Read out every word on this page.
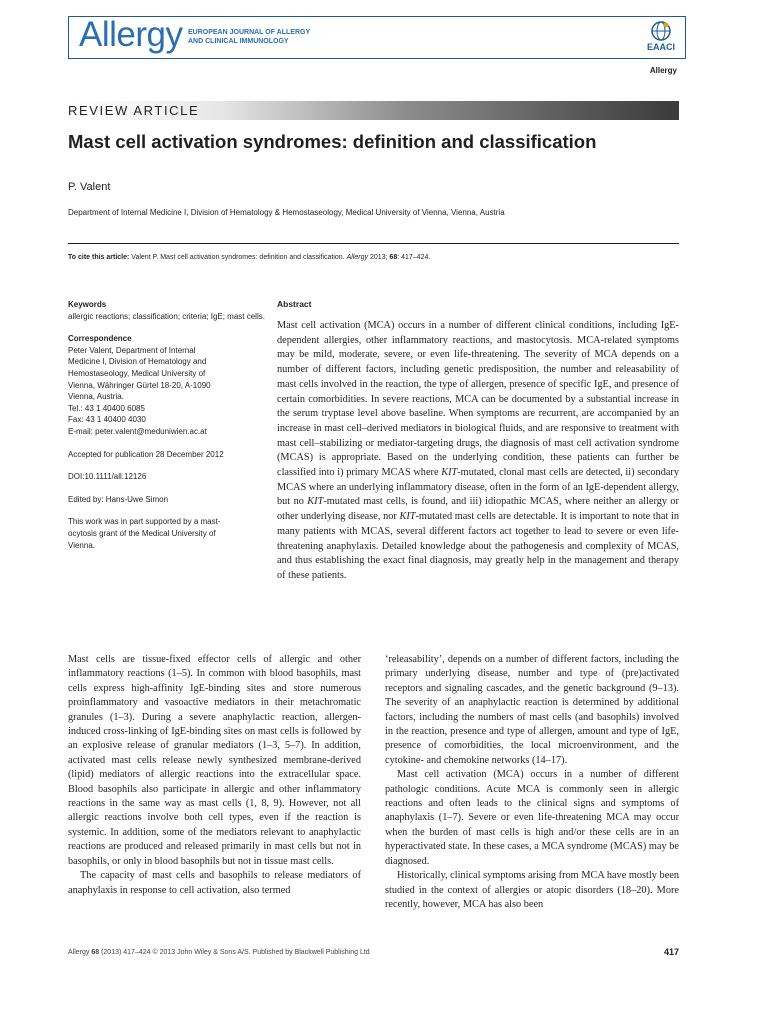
Allergy EUROPEAN JOURNAL OF ALLERGY
AND CLINICAL IMMUNOLOGY
EAACI
Allergy
REVIEW ARTICLE
Mast cell activation syndromes: definition and classification
P. Valent
Department of Internal Medicine I, Division of Hematology & Hemostaseology, Medical University of Vienna, Vienna, Austria
To cite this article: Valent P. Mast cell activation syndromes: definition and classification. Allergy 2013; 68: 417–424.

Keywords

allergic reactions; classification; criteria; IgE; mast cells.

Correspondence

Peter Valent, Department of Internal
Medicine I, Division of Hematology and
Hemostaseology, Medical University of
Vienna, Währinger Gürtel 18-20, A-1090
Vienna, Austria.
Tel.: 43 1 40400 6085
Fax: 43 1 40400 4030
E-mail: peter.valent@meduniwien.ac.at

Accepted for publication 28 December 2012

DOI:10.1111/all.12126

Edited by: Hans-Uwe Simon

This work was in part supported by a mast-
ocytosis grant of the Medical University of
Vienna.

Abstract

Mast cell activation (MCA) occurs in a number of different clinical conditions, including IgE-dependent allergies, other inflammatory reactions, and mastocytosis. MCA-related symptoms may be mild, moderate, severe, or even life-threatening. The severity of MCA depends on a number of different factors, including genetic predisposition, the number and releasability of mast cells involved in the reaction, the type of allergen, presence of specific IgE, and presence of certain comorbidities. In severe reactions, MCA can be documented by a substantial increase in the serum tryptase level above baseline. When symptoms are recurrent, are accompanied by an increase in mast cell–derived mediators in biological fluids, and are responsive to treatment with mast cell–stabilizing or mediator-targeting drugs, the diagnosis of mast cell activation syndrome (MCAS) is appropriate. Based on the underlying condition, these patients can further be classified into i) primary MCAS where KIT-mutated, clonal mast cells are detected, ii) secondary MCAS where an underlying inflammatory disease, often in the form of an IgE-dependent allergy, but no KIT-mutated mast cells, is found, and iii) idiopathic MCAS, where neither an allergy or other underlying disease, nor KIT-mutated mast cells are detectable. It is important to note that in many patients with MCAS, several different factors act together to lead to severe or even life-threatening anaphylaxis. Detailed knowledge about the pathogenesis and complexity of MCAS, and thus establishing the exact final diagnosis, may greatly help in the management and therapy of these patients.

Mast cells are tissue-fixed effector cells of allergic and other inflammatory reactions (1–5). In common with blood basophils, mast cells express high-affinity IgE-binding sites and store numerous proinflammatory and vasoactive mediators in their metachromatic granules (1–3). During a severe anaphylactic reaction, allergen-induced cross-linking of IgE-binding sites on mast cells is followed by an explosive release of granular mediators (1–3, 5–7). In addition, activated mast cells release newly synthesized membrane-derived (lipid) mediators of allergic reactions into the extracellular space. Blood basophils also participate in allergic and other inflammatory reactions in the same way as mast cells (1, 8, 9). However, not all allergic reactions involve both cell types, even if the reaction is systemic. In addition, some of the mediators relevant to anaphylactic reactions are produced and released primarily in mast cells but not in basophils, or only in blood basophils but not in tissue mast cells.

The capacity of mast cells and basophils to release mediators of anaphylaxis in response to cell activation, also termed

‘releasability’, depends on a number of different factors, including the primary underlying disease, number and type of (pre)activated receptors and signaling cascades, and the genetic background (9–13). The severity of an anaphylactic reaction is determined by additional factors, including the numbers of mast cells (and basophils) involved in the reaction, presence and type of allergen, amount and type of IgE, presence of comorbidities, the local microenvironment, and the cytokine- and chemokine networks (14–17).

Mast cell activation (MCA) occurs in a number of different pathologic conditions. Acute MCA is commonly seen in allergic reactions and often leads to the clinical signs and symptoms of anaphylaxis (1–7). Severe or even life-threatening MCA may occur when the burden of mast cells is high and/or these cells are in an hyperactivated state. In these cases, a MCA syndrome (MCAS) may be diagnosed.

Historically, clinical symptoms arising from MCA have mostly been studied in the context of allergies or atopic disorders (18–20). More recently, however, MCA has also been

Allergy 68 (2013) 417–424 © 2013 John Wiley & Sons A/S. Published by Blackwell Publishing Ltd	417
